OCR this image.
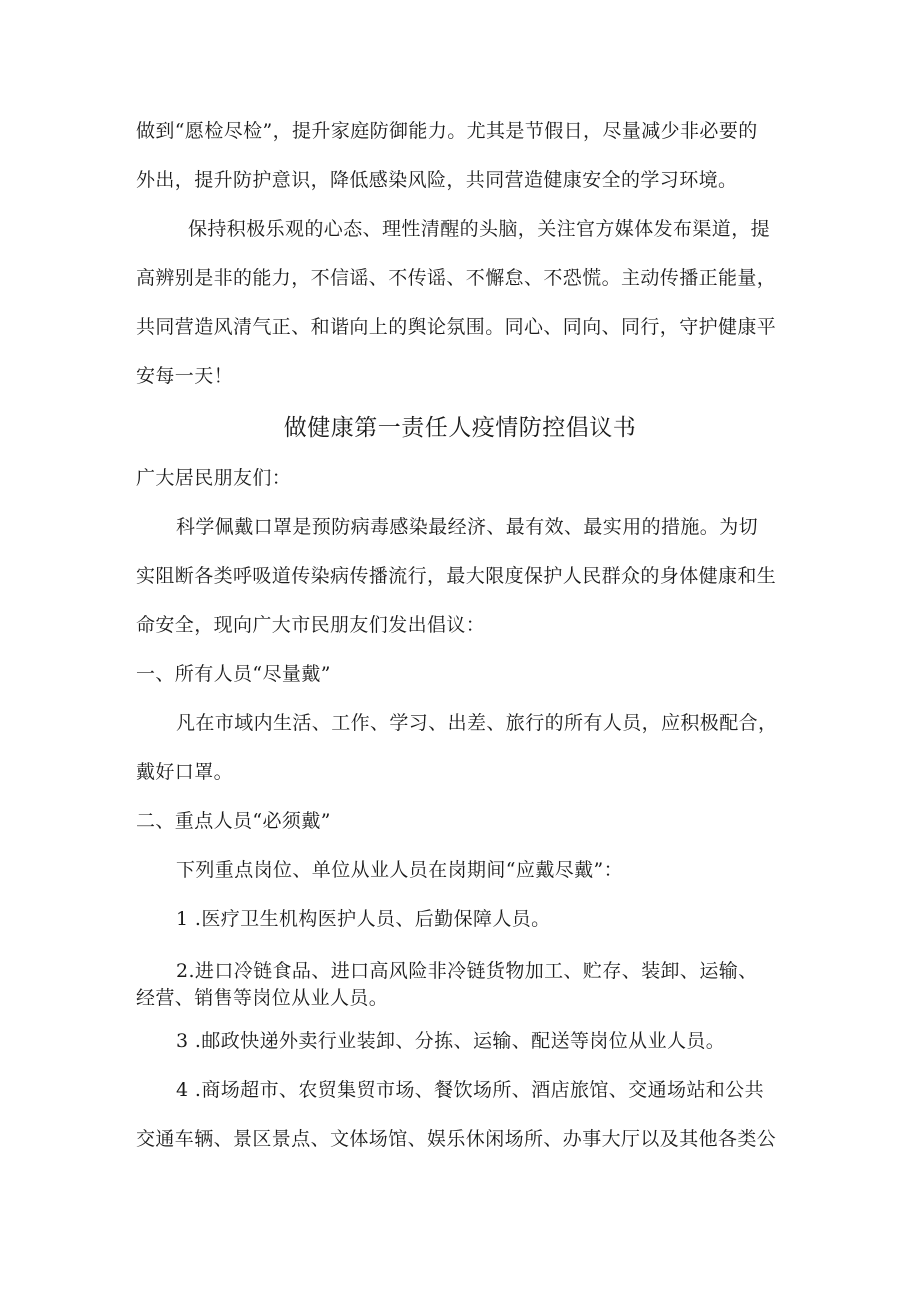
做到“愿检尽检”，提升家庭防御能力。尤其是节假日，尽量减少非必要的
外出，提升防护意识，降低感染风险，共同营造健康安全的学习环境。
保持积极乐观的心态、理性清醒的头脑，关注官方媒体发布渠道，提
高辨别是非的能力，不信谣、不传谣、不懈怠、不恐慌。主动传播正能量，
共同营造风清气正、和谐向上的舆论氛围。同心、同向、同行，守护健康平
安每一天！
做健康第一责任人疫情防控倡议书
广大居民朋友们：
科学佩戴口罩是预防病毒感染最经济、最有效、最实用的措施。为切
实阻断各类呼吸道传染病传播流行，最大限度保护人民群众的身体健康和生
命安全，现向广大市民朋友们发出倡议：
一、所有人员“尽量戴”
凡在市域内生活、工作、学习、出差、旅行的所有人员，应积极配合，
戴好口罩。
二、重点人员“必须戴”
下列重点岗位、单位从业人员在岗期间“应戴尽戴”：
1 .医疗卫生机构医护人员、后勤保障人员。
2.进口冷链食品、进口高风险非冷链货物加工、贮存、装卸、运输、
经营、销售等岗位从业人员。
3 .邮政快递外卖行业装卸、分拣、运输、配送等岗位从业人员。
4 .商场超市、农贸集贸市场、餐饮场所、酒店旅馆、交通场站和公共
交通车辆、景区景点、文体场馆、娱乐休闲场所、办事大厅以及其他各类公
